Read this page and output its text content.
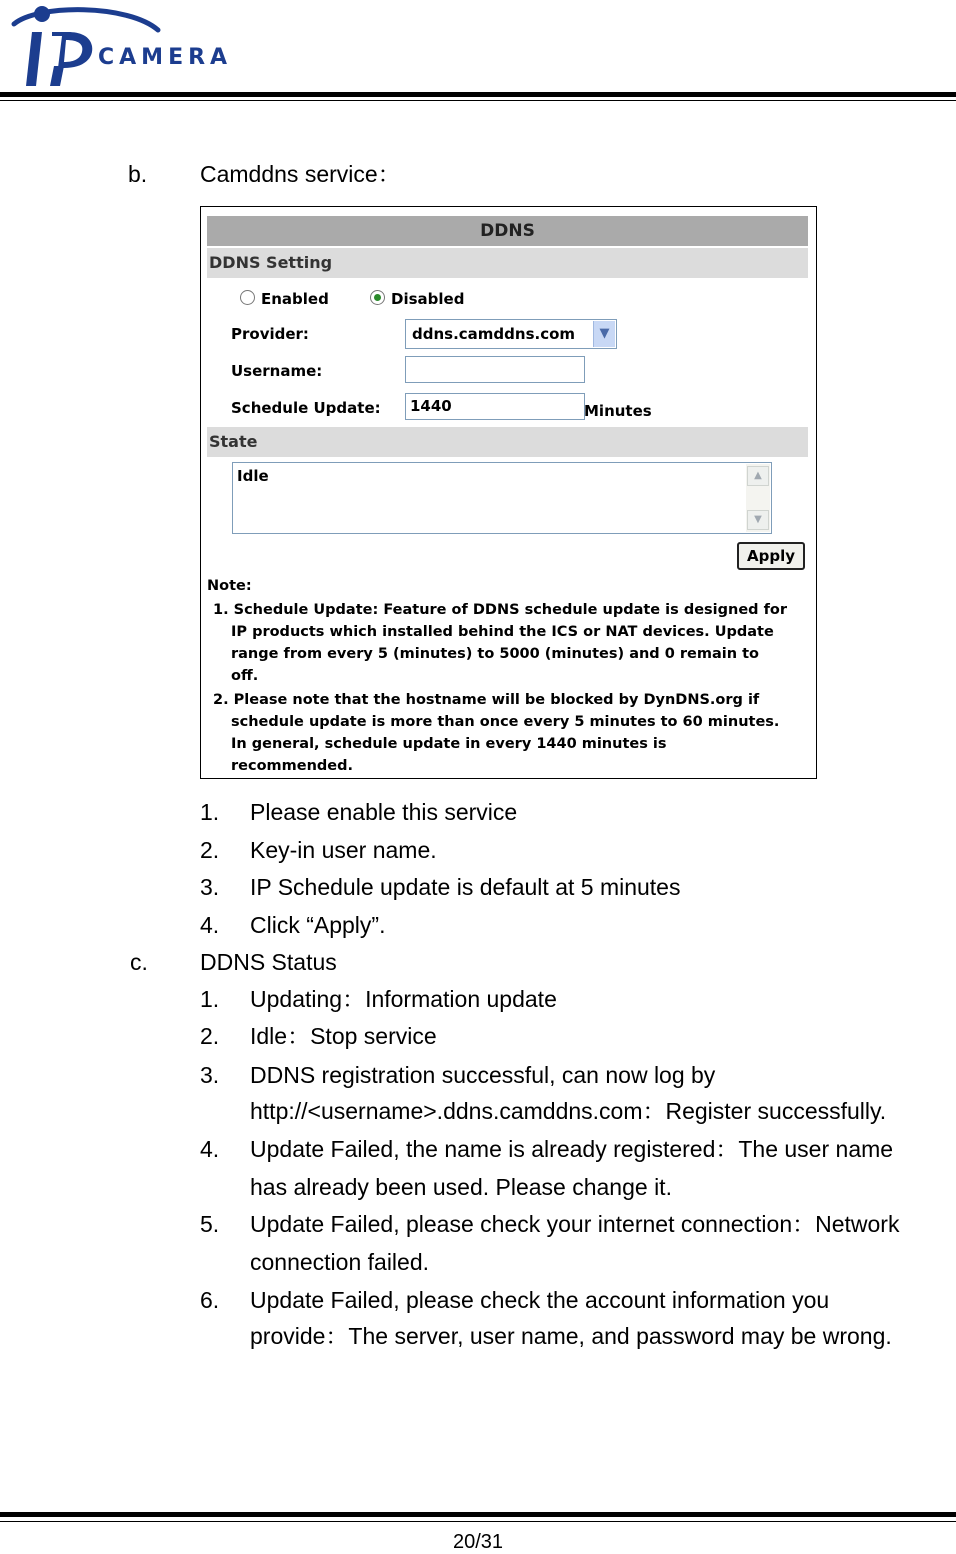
CAMERA
b. Camddns service：
DDNS
DDNS Setting
Enabled	Disabled
Provider:	ddns.camddns.com	▼
Username:
Schedule Update:	1440	Minutes
State
Idle	▲
▼
Apply
Note:
1. Schedule Update: Feature of DDNS schedule update is designed for
IP products which installed behind the ICS or NAT devices. Update
range from every 5 (minutes) to 5000 (minutes) and 0 remain to
off.
2. Please note that the hostname will be blocked by DynDNS.org if
schedule update is more than once every 5 minutes to 60 minutes.
In general, schedule update in every 1440 minutes is
recommended.
1. Please enable this service
2. Key-in user name.
3. IP Schedule update is default at 5 minutes
4. Click “Apply”.
c. DDNS Status
1. Updating：Information update
2. Idle：Stop service
3. DDNS registration successful, can now log by
http://<username>.ddns.camddns.com：Register successfully.
4. Update Failed, the name is already registered：The user name
has already been used. Please change it.
5. Update Failed, please check your internet connection：Network
connection failed.
6. Update Failed, please check the account information you
provide：The server, user name, and password may be wrong.
20/31
